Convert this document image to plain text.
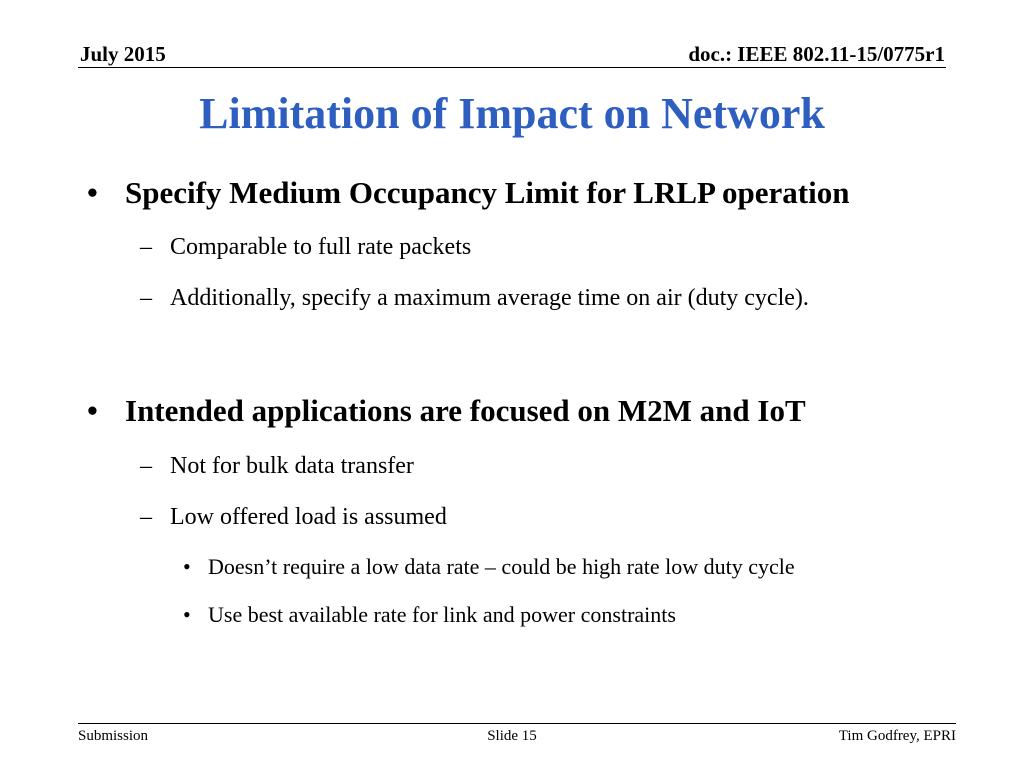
July 2015	doc.: IEEE 802.11-15/0775r1
Limitation of Impact on Network
• Specify Medium Occupancy Limit for LRLP operation
– Comparable to full rate packets
– Additionally, specify a maximum average time on air (duty cycle).
• Intended applications are focused on M2M and IoT
– Not for bulk data transfer
– Low offered load is assumed
• Doesn’t require a low data rate – could be high rate low duty cycle
• Use best available rate for link and power constraints
Submission	Slide 15	Tim Godfrey, EPRI
